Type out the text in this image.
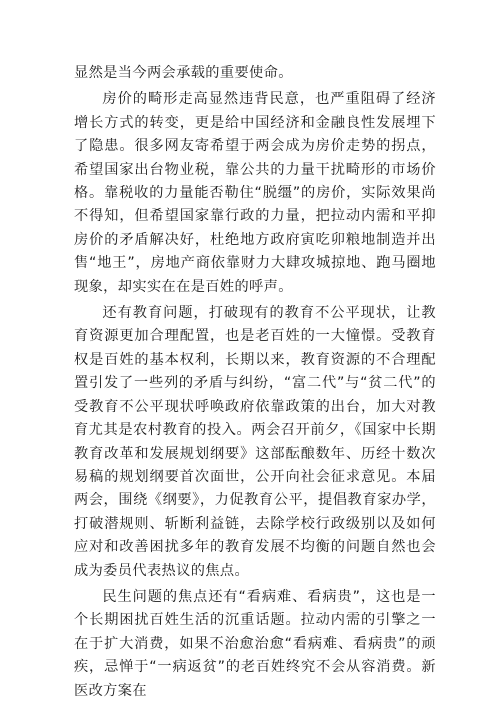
显然是当今两会承载的重要使命。

房价的畸形走高显然违背民意，也严重阻碍了经济增长方式的转变，更是给中国经济和金融良性发展埋下了隐患。很多网友寄希望于两会成为房价走势的拐点，希望国家出台物业税，靠公共的力量干扰畸形的市场价格。靠税收的力量能否勒住“脱缰”的房价，实际效果尚不得知，但希望国家靠行政的力量，把拉动内需和平抑房价的矛盾解决好，杜绝地方政府寅吃卯粮地制造并出售“地王”，房地产商依靠财力大肆攻城掠地、跑马圈地现象，却实实在在是百姓的呼声。

还有教育问题，打破现有的教育不公平现状，让教育资源更加合理配置，也是老百姓的一大憧憬。受教育权是百姓的基本权利，长期以来，教育资源的不合理配置引发了一些列的矛盾与纠纷，“富二代”与“贫二代”的受教育不公平现状呼唤政府依靠政策的出台，加大对教育尤其是农村教育的投入。两会召开前夕，《国家中长期教育改革和发展规划纲要》这部酝酿数年、历经十数次易稿的规划纲要首次面世，公开向社会征求意见。本届两会，围绕《纲要》，力促教育公平，提倡教育家办学，打破潜规则、斩断利益链，去除学校行政级别以及如何应对和改善困扰多年的教育发展不均衡的问题自然也会成为委员代表热议的焦点。

民生问题的焦点还有“看病难、看病贵”，这也是一个长期困扰百姓生活的沉重话题。拉动内需的引擎之一在于扩大消费，如果不治愈治愈“看病难、看病贵”的顽疾，忌惮于“一病返贫”的老百姓终究不会从容消费。新医改方案在
